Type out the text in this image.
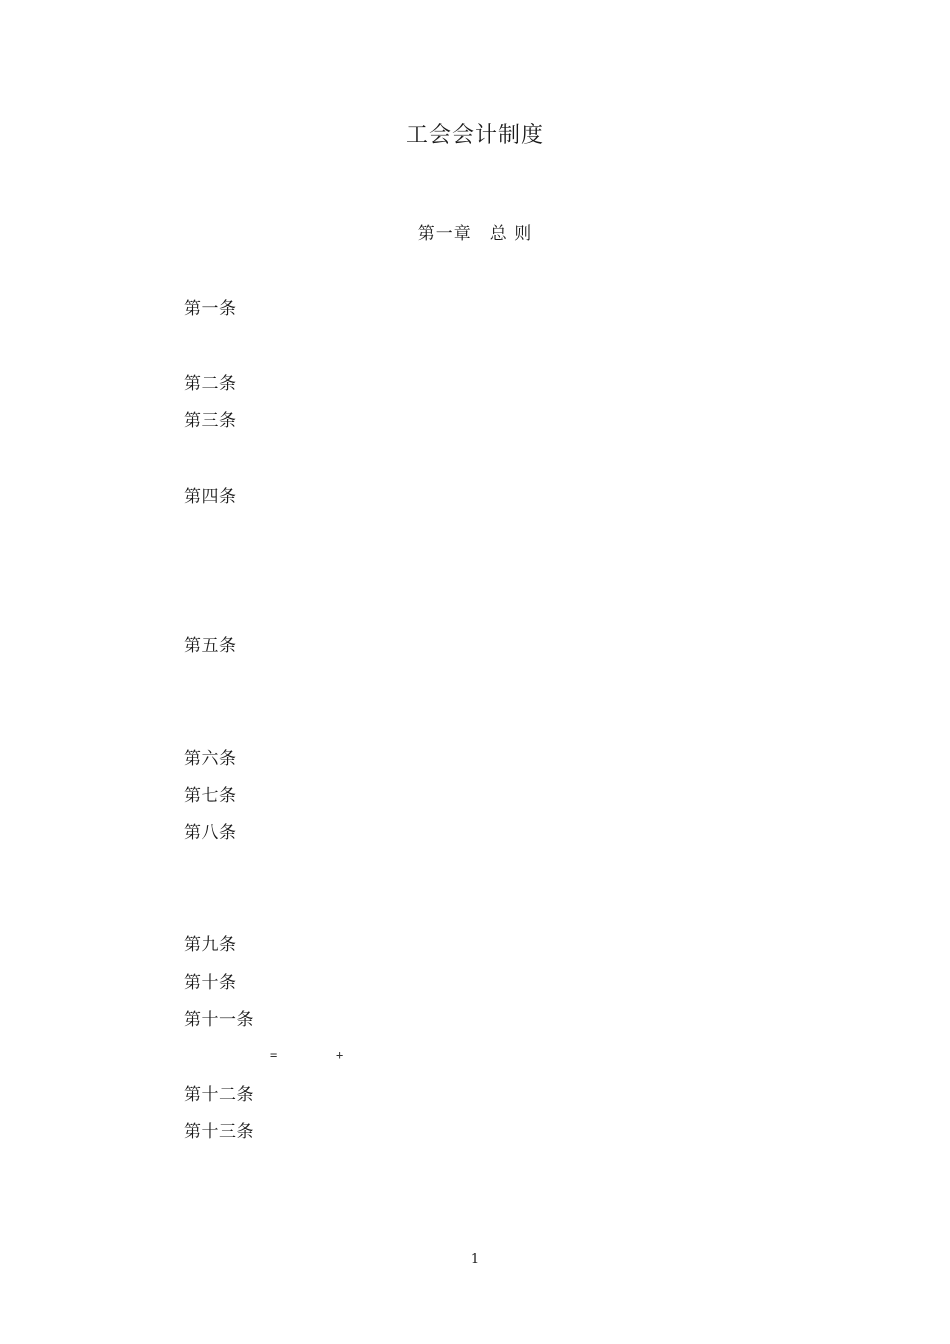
工会会计制度
第一章　总 则
第一条
第二条
第三条
第四条
第五条
第六条
第七条
第八条
第九条
第十条
第十一条
=	+
第十二条
第十三条
1
